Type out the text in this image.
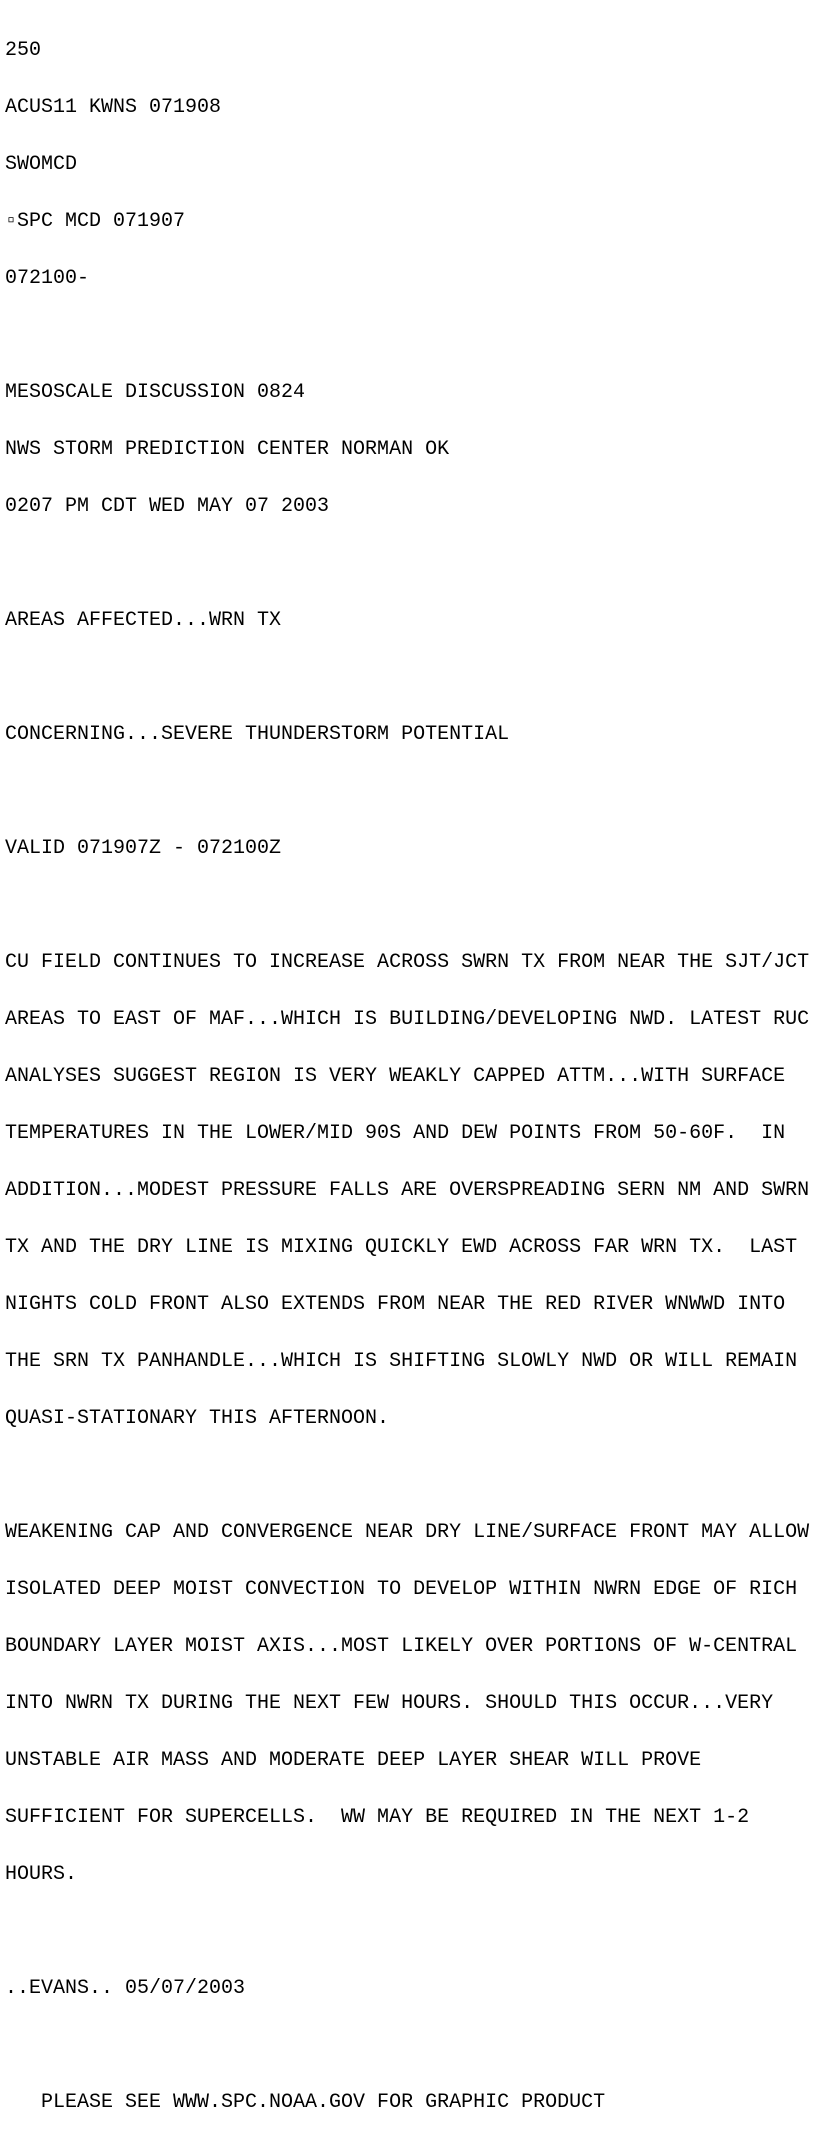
250

ACUS11 KWNS 071908

SWOMCD

▫SPC MCD 071907

072100-

MESOSCALE DISCUSSION 0824

NWS STORM PREDICTION CENTER NORMAN OK

0207 PM CDT WED MAY 07 2003

AREAS AFFECTED...WRN TX

CONCERNING...SEVERE THUNDERSTORM POTENTIAL

VALID 071907Z - 072100Z

CU FIELD CONTINUES TO INCREASE ACROSS SWRN TX FROM NEAR THE SJT/JCT

AREAS TO EAST OF MAF...WHICH IS BUILDING/DEVELOPING NWD. LATEST RUC

ANALYSES SUGGEST REGION IS VERY WEAKLY CAPPED ATTM...WITH SURFACE

TEMPERATURES IN THE LOWER/MID 90S AND DEW POINTS FROM 50-60F.  IN

ADDITION...MODEST PRESSURE FALLS ARE OVERSPREADING SERN NM AND SWRN

TX AND THE DRY LINE IS MIXING QUICKLY EWD ACROSS FAR WRN TX.  LAST

NIGHTS COLD FRONT ALSO EXTENDS FROM NEAR THE RED RIVER WNWWD INTO

THE SRN TX PANHANDLE...WHICH IS SHIFTING SLOWLY NWD OR WILL REMAIN

QUASI-STATIONARY THIS AFTERNOON.

WEAKENING CAP AND CONVERGENCE NEAR DRY LINE/SURFACE FRONT MAY ALLOW

ISOLATED DEEP MOIST CONVECTION TO DEVELOP WITHIN NWRN EDGE OF RICH

BOUNDARY LAYER MOIST AXIS...MOST LIKELY OVER PORTIONS OF W-CENTRAL

INTO NWRN TX DURING THE NEXT FEW HOURS. SHOULD THIS OCCUR...VERY

UNSTABLE AIR MASS AND MODERATE DEEP LAYER SHEAR WILL PROVE

SUFFICIENT FOR SUPERCELLS.  WW MAY BE REQUIRED IN THE NEXT 1-2

HOURS.

..EVANS.. 05/07/2003

PLEASE SEE WWW.SPC.NOAA.GOV FOR GRAPHIC PRODUCT
